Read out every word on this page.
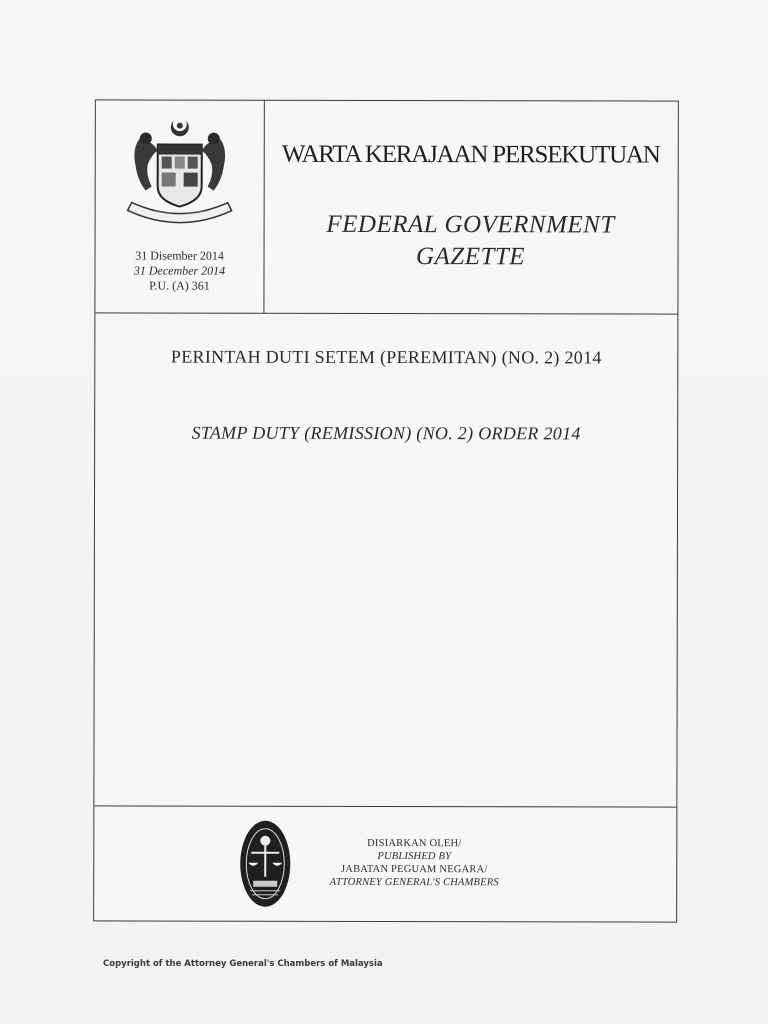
31 Disember 2014
31 December 2014
P.U. (A) 361
WARTA KERAJAAN PERSEKUTUAN
FEDERAL GOVERNMENT
GAZETTE
PERINTAH DUTI SETEM (PEREMITAN) (NO. 2) 2014
STAMP DUTY (REMISSION) (NO. 2) ORDER 2014
DISIARKAN OLEH/
PUBLISHED BY
JABATAN PEGUAM NEGARA/
ATTORNEY GENERAL'S CHAMBERS
Copyright of the Attorney General's Chambers of Malaysia
